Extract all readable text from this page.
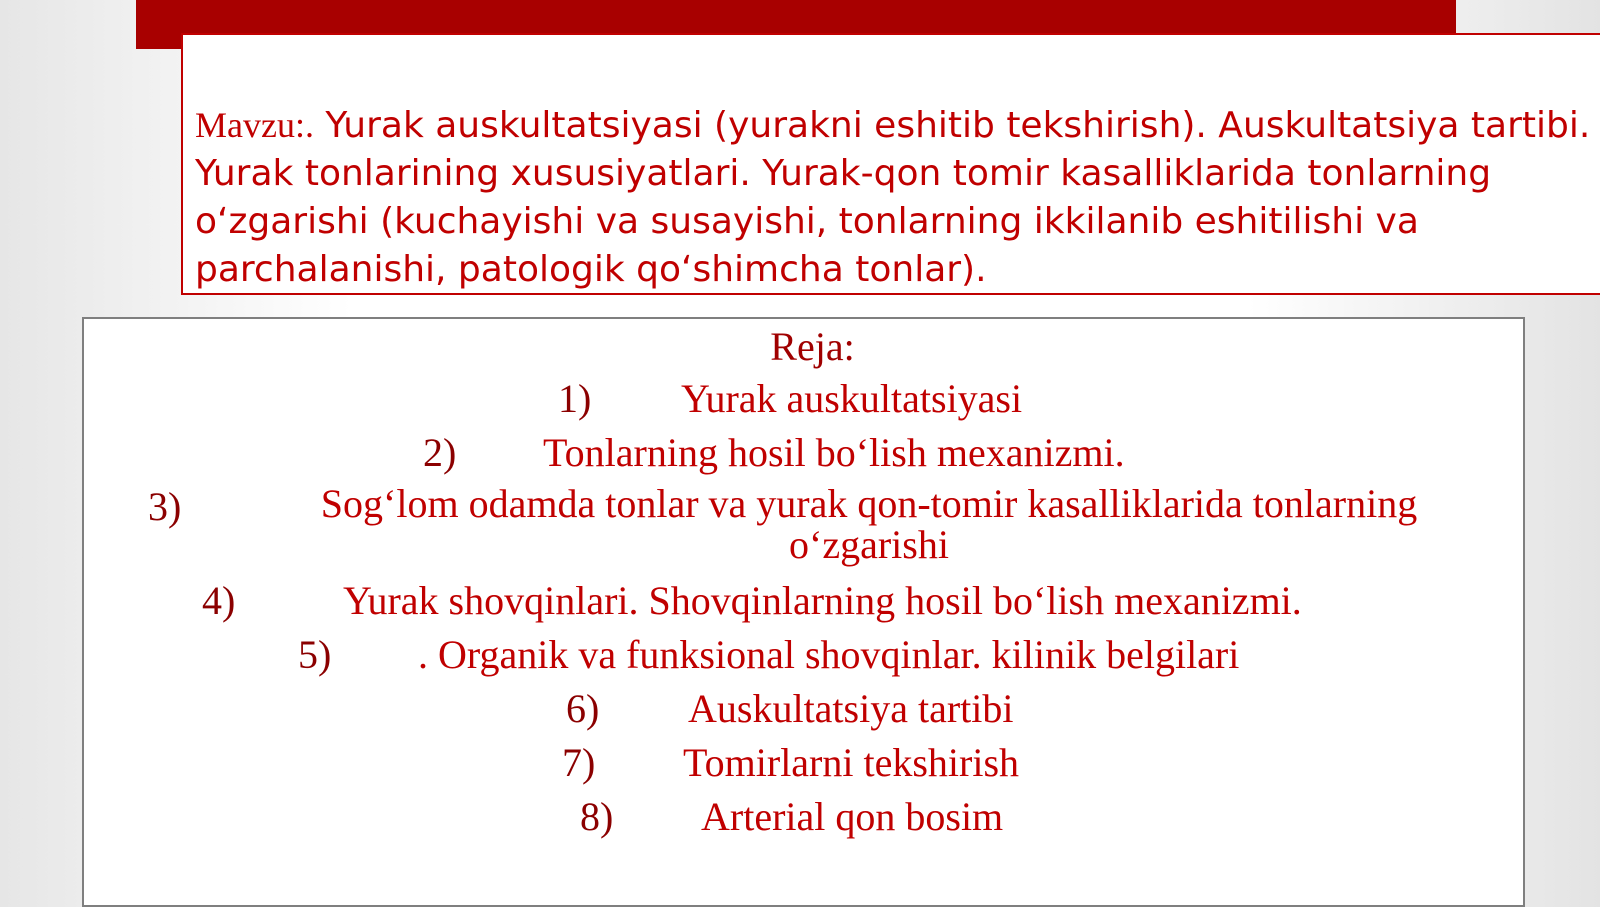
Mavzu:. Yurak auskultatsiyasi (yurakni eshitib tekshirish). Auskultatsiya tartibi.
Yurak tonlarining xususiyatlari. Yurak-qon tomir kasalliklarida tonlarning
o‘zgarishi (kuchayishi va susayishi, tonlarning ikkilanib eshitilishi va
parchalanishi, patologik qo‘shimcha tonlar).
Reja:
1) Yurak auskultatsiyasi
2) Tonlarning hosil bo‘lish mexanizmi.
3)	Sog‘lom odamda tonlar va yurak qon-tomir kasalliklarida tonlarning o‘zgarishi
4)	Yurak shovqinlari. Shovqinlarning hosil bo‘lish mexanizmi.
5) . Organik va funksional shovqinlar. kilinik belgilari
6) Auskultatsiya tartibi
7) Tomirlarni tekshirish
8) Arterial qon bosim
